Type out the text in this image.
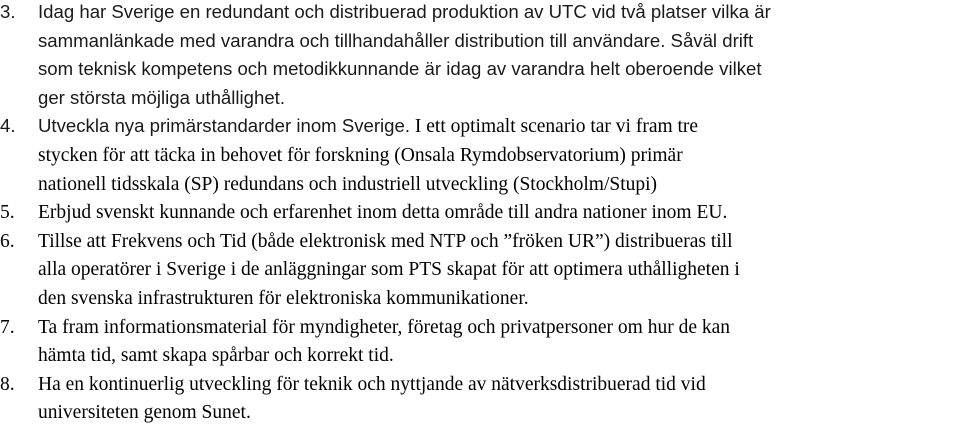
3.	Idag har Sverige en redundant och distribuerad produktion av UTC vid två platser vilka är
sammanlänkade med varandra och tillhandahåller distribution till användare. Såväl drift
som teknisk kompetens och metodikkunnande är idag av varandra helt oberoende vilket
ger största möjliga uthållighet.
4.	Utveckla nya primärstandarder inom Sverige. I ett optimalt scenario tar vi fram tre
stycken för att täcka in behovet för forskning (Onsala Rymdobservatorium) primär
nationell tidsskala (SP) redundans och industriell utveckling (Stockholm/Stupi)
5.	Erbjud svenskt kunnande och erfarenhet inom detta område till andra nationer inom EU.
6.	Tillse att Frekvens och Tid (både elektronisk med NTP och ”fröken UR”) distribueras till
alla operatörer i Sverige i de anläggningar som PTS skapat för att optimera uthålligheten i
den svenska infrastrukturen för elektroniska kommunikationer.
7.	Ta fram informationsmaterial för myndigheter, företag och privatpersoner om hur de kan
hämta tid, samt skapa spårbar och korrekt tid.
8.	Ha en kontinuerlig utveckling för teknik och nyttjande av nätverksdistribuerad tid vid
universiteten genom Sunet.
